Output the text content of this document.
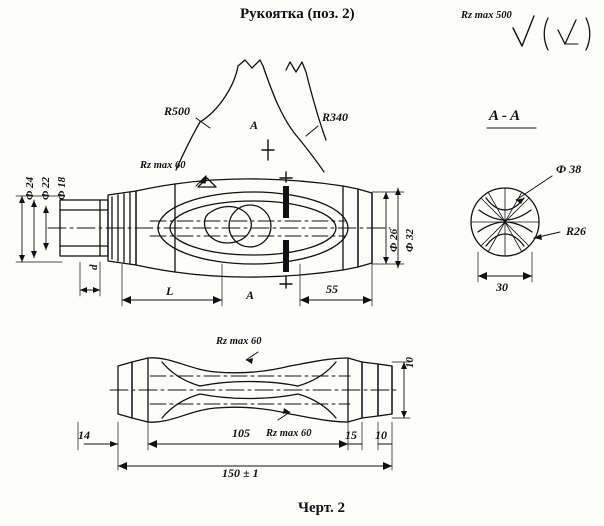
Рукоятка (поз. 2)
Черт. 2
Rz max 500
A - A
R500	R340
R26
Rz max 60
Rz max 60
Rz max 60
A
A
Ф 24 Ф 22 Ф 18
Ф 26 Ф 32
Ф 38
30
d
L	55
14	105	15 10
10
150 ± 1
